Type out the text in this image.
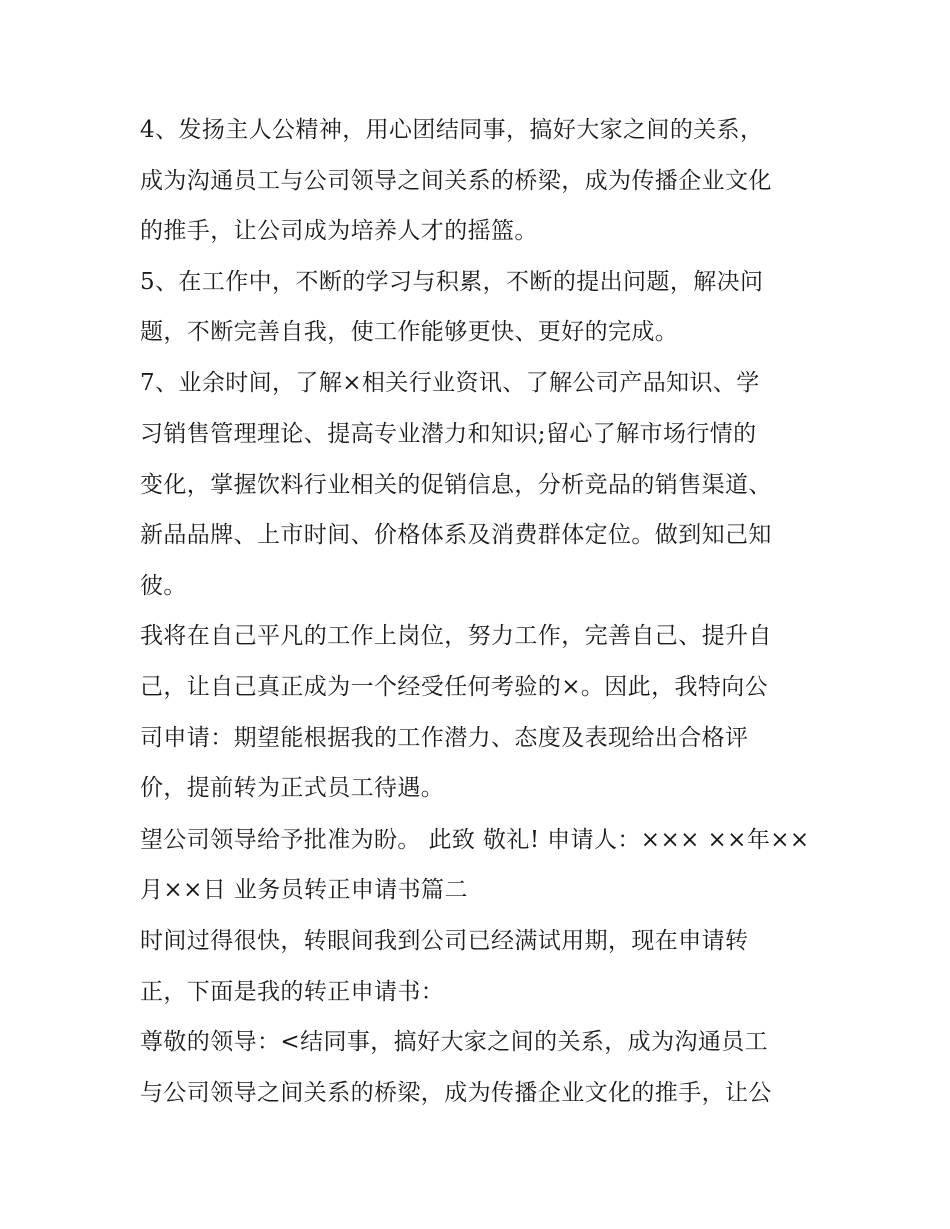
4、发扬主人公精神，用心团结同事，搞好大家之间的关系，
成为沟通员工与公司领导之间关系的桥梁，成为传播企业文化
的推手，让公司成为培养人才的摇篮。
5、在工作中，不断的学习与积累，不断的提出问题，解决问
题，不断完善自我，使工作能够更快、更好的完成。
7、业余时间，了解×相关行业资讯、了解公司产品知识、学
习销售管理理论、提高专业潜力和知识;留心了解市场行情的
变化，掌握饮料行业相关的促销信息，分析竞品的销售渠道、
新品品牌、上市时间、价格体系及消费群体定位。做到知己知
彼。
我将在自己平凡的工作上岗位，努力工作，完善自己、提升自
己，让自己真正成为一个经受任何考验的×。因此，我特向公
司申请：期望能根据我的工作潜力、态度及表现给出合格评
价，提前转为正式员工待遇。
望公司领导给予批准为盼。 此致 敬礼! 申请人：××× ××年××
月××日 业务员转正申请书篇二
时间过得很快，转眼间我到公司已经满试用期，现在申请转
正，下面是我的转正申请书：
尊敬的领导：<结同事，搞好大家之间的关系，成为沟通员工
与公司领导之间关系的桥梁，成为传播企业文化的推手，让公
